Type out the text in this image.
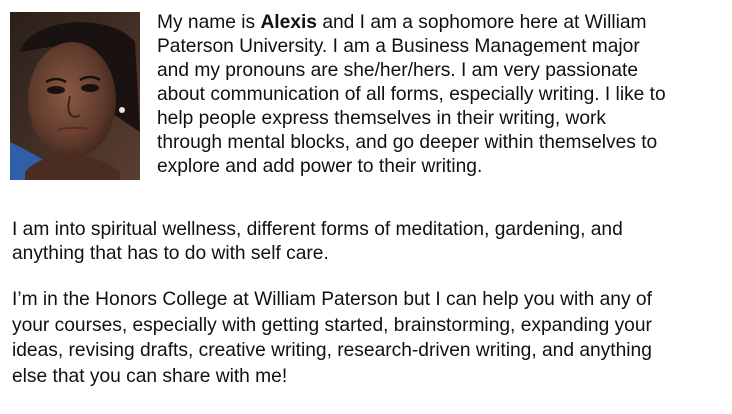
My name is Alexis and I am a sophomore here at William
Paterson University. I am a Business Management major
and my pronouns are she/her/hers. I am very passionate
about communication of all forms, especially writing. I like to
help people express themselves in their writing, work
through mental blocks, and go deeper within themselves to
explore and add power to their writing.
I am into spiritual wellness, different forms of meditation, gardening, and
anything that has to do with self care.
I’m in the Honors College at William Paterson but I can help you with any of
your courses, especially with getting started, brainstorming, expanding your
ideas, revising drafts, creative writing, research-driven writing, and anything
else that you can share with me!
